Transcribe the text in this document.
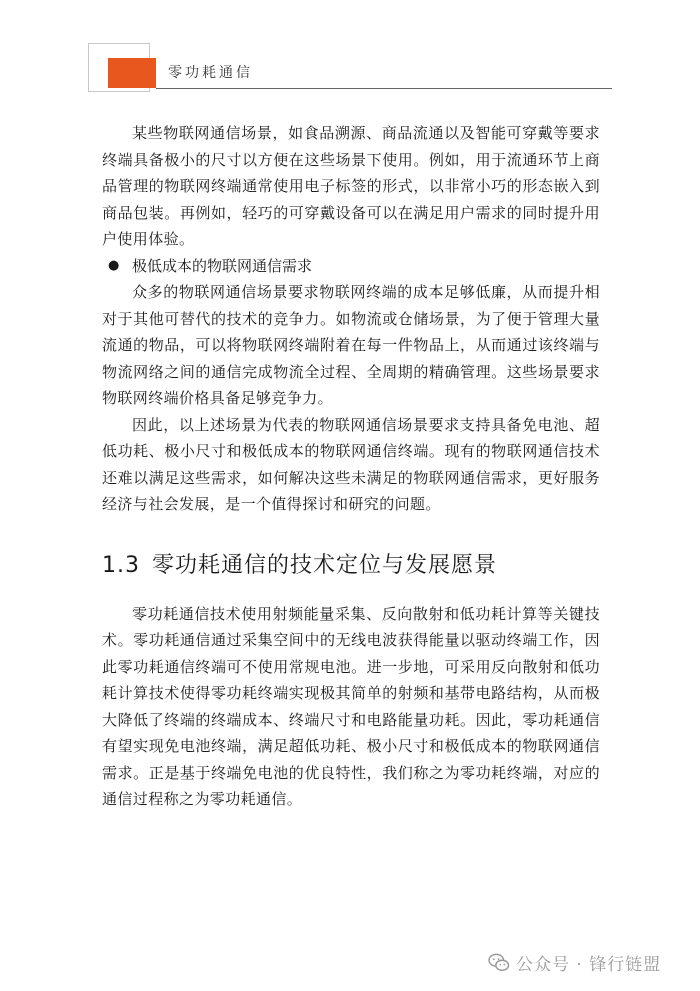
零功耗通信

某些物联网通信场景，如食品溯源、商品流通以及智能可穿戴等要求终端具备极小的尺寸以方便在这些场景下使用。例如，用于流通环节上商品管理的物联网终端通常使用电子标签的形式，以非常小巧的形态嵌入到商品包装。再例如，轻巧的可穿戴设备可以在满足用户需求的同时提升用户使用体验。

● 极低成本的物联网通信需求

众多的物联网通信场景要求物联网终端的成本足够低廉，从而提升相对于其他可替代的技术的竞争力。如物流或仓储场景，为了便于管理大量流通的物品，可以将物联网终端附着在每一件物品上，从而通过该终端与物流网络之间的通信完成物流全过程、全周期的精确管理。这些场景要求物联网终端价格具备足够竞争力。

因此，以上述场景为代表的物联网通信场景要求支持具备免电池、超低功耗、极小尺寸和极低成本的物联网通信终端。现有的物联网通信技术还难以满足这些需求，如何解决这些未满足的物联网通信需求，更好服务经济与社会发展，是一个值得探讨和研究的问题。

1.3 零功耗通信的技术定位与发展愿景

零功耗通信技术使用射频能量采集、反向散射和低功耗计算等关键技术。零功耗通信通过采集空间中的无线电波获得能量以驱动终端工作，因此零功耗通信终端可不使用常规电池。进一步地，可采用反向散射和低功耗计算技术使得零功耗终端实现极其简单的射频和基带电路结构，从而极大降低了终端的终端成本、终端尺寸和电路能量功耗。因此，零功耗通信有望实现免电池终端，满足超低功耗、极小尺寸和极低成本的物联网通信需求。正是基于终端免电池的优良特性，我们称之为零功耗终端，对应的通信过程称之为零功耗通信。

公众号 · 锋行链盟
